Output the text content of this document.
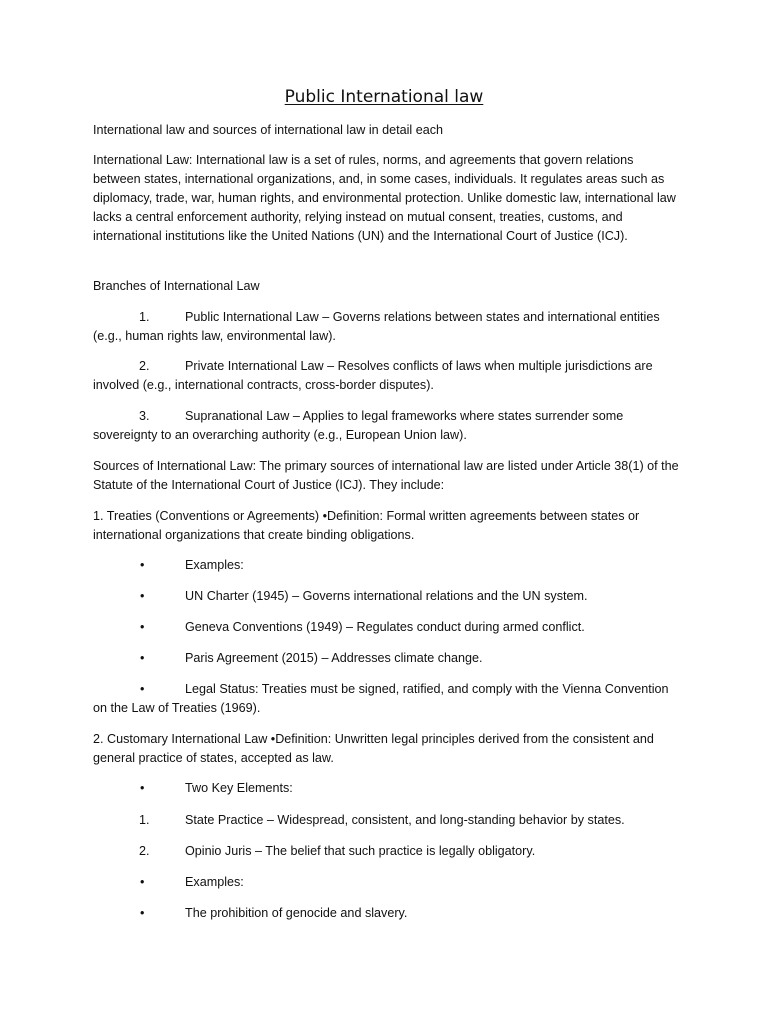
Public International law

International law and sources of international law in detail each

International Law: International law is a set of rules, norms, and agreements that govern relations between states, international organizations, and, in some cases, individuals. It regulates areas such as diplomacy, trade, war, human rights, and environmental protection. Unlike domestic law, international law lacks a central enforcement authority, relying instead on mutual consent, treaties, customs, and international institutions like the United Nations (UN) and the International Court of Justice (ICJ).

Branches of International Law

1.	Public International Law – Governs relations between states and international entities (e.g., human rights law, environmental law).

2.	Private International Law – Resolves conflicts of laws when multiple jurisdictions are involved (e.g., international contracts, cross-border disputes).

3.	Supranational Law – Applies to legal frameworks where states surrender some sovereignty to an overarching authority (e.g., European Union law).

Sources of International Law: The primary sources of international law are listed under Article 38(1) of the Statute of the International Court of Justice (ICJ). They include:

1. Treaties (Conventions or Agreements) •Definition: Formal written agreements between states or international organizations that create binding obligations.

•	Examples:

•	UN Charter (1945) – Governs international relations and the UN system.

•	Geneva Conventions (1949) – Regulates conduct during armed conflict.

•	Paris Agreement (2015) – Addresses climate change.

•	Legal Status: Treaties must be signed, ratified, and comply with the Vienna Convention on the Law of Treaties (1969).

2. Customary International Law •Definition: Unwritten legal principles derived from the consistent and general practice of states, accepted as law.

•	Two Key Elements:

1.	State Practice – Widespread, consistent, and long-standing behavior by states.

2.	Opinio Juris – The belief that such practice is legally obligatory.

•	Examples:

•	The prohibition of genocide and slavery.
